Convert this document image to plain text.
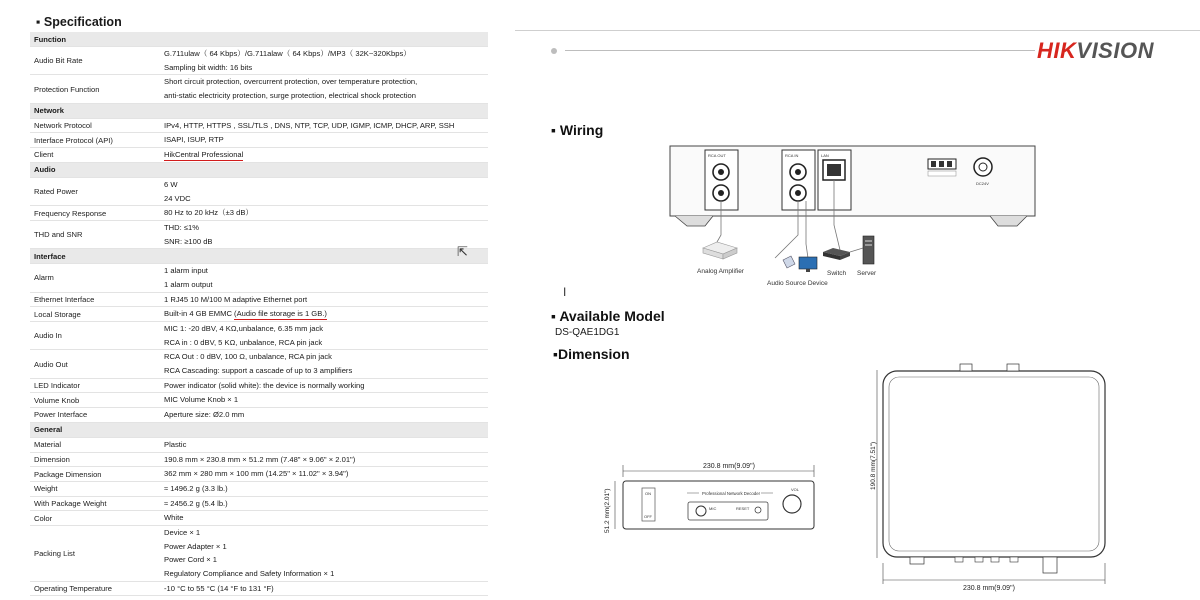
▪ Specification
Function	
Audio Bit Rate	G.711ulaw（ 64 Kbps）/G.711alaw（ 64 Kbps）/MP3（ 32K~320Kbps）
Sampling bit width: 16 bits

Protection Function	Short circuit protection, overcurrent protection, over temperature protection,
anti-static electricity protection, surge protection, electrical shock protection

Network	
Network Protocol	IPv4, HTTP, HTTPS , SSL/TLS , DNS, NTP, TCP, UDP, IGMP, ICMP, DHCP, ARP, SSH

Interface Protocol (API)	ISAPI, ISUP, RTP

Client	HikCentral Professional

Audio	
Rated Power	6 W
24 VDC

Frequency Response	80 Hz to 20 kHz（±3 dB）

THD and SNR	THD: ≤1%
SNR: ≥100 dB

Interface	
Alarm	1 alarm input
1 alarm output

Ethernet Interface	1 RJ45 10 M/100 M adaptive Ethernet port

Local Storage	Built-in 4 GB EMMC (Audio file storage is 1 GB.)

Audio In	MIC 1: -20 dBV, 4 KΩ,unbalance, 6.35 mm jack
RCA in : 0 dBV, 5 KΩ, unbalance, RCA pin jack

Audio Out	RCA Out : 0 dBV, 100 Ω, unbalance, RCA pin jack
RCA Cascading: support a cascade of up to 3 amplifiers

LED Indicator	Power indicator (solid white): the device is normally working

Volume Knob	MIC Volume Knob × 1

Power Interface	Aperture size: Ø2.0 mm

General	
Material	Plastic

Dimension	190.8 mm × 230.8 mm × 51.2 mm (7.48" × 9.06" × 2.01")

Package Dimension	362 mm × 280 mm × 100 mm (14.25" × 11.02" × 3.94")

Weight	≈ 1496.2 g (3.3 lb.)

With Package Weight	≈ 2456.2 g (5.4 lb.)

Color	White

Packing List	Device × 1
Power Adapter × 1
Power Cord × 1
Regulatory Compliance and Safety Information × 1

Operating Temperature	-10 °C to 55 °C (14 °F to 131 °F)
HIKVISION
▪ Wiring
RCA OUT	RCA IN	LAN
DC24V
Analog Amplifier
Audio Source Device
Switch Server
I
▪ Available Model
DS-QAE1DG1
▪Dimension
230.8 mm(9.09")
51.2 mm(2.01")	ON
OFF
Professional Network Decoder
MIC	RESET
VOL	190.8 mm(7.51")
230.8 mm(9.09")
⇱
